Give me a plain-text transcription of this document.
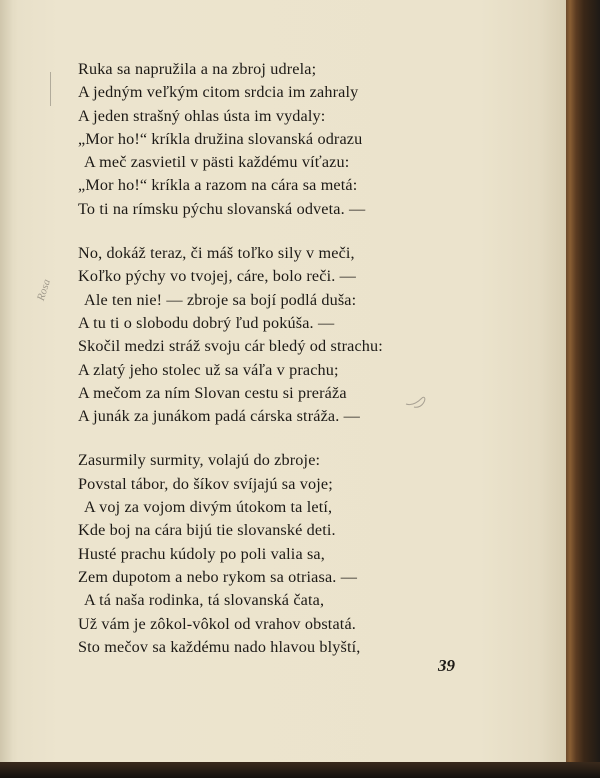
Rosa
Ruka sa napružila a na zbroj udrela;
A jedným veľkým citom srdcia im zahraly
A jeden strašný ohlas ústa im vydaly:
„Mor ho!“ kríkla družina slovanská odrazu
A meč zasvietil v pästi každému víťazu:
„Mor ho!“ kríkla a razom na cára sa metá:
To ti na rímsku pýchu slovanská odveta. —
No, dokáž teraz, či máš toľko sily v meči,
Koľko pýchy vo tvojej, cáre, bolo reči. —
Ale ten nie! — zbroje sa bojí podlá duša:
A tu ti o slobodu dobrý ľud pokúša. —
Skočil medzi stráž svoju cár bledý od strachu:
A zlatý jeho stolec už sa váľa v prachu;
A mečom za ním Slovan cestu si preráža
A junák za junákom padá cárska stráža. —
Zasurmily surmity, volajú do zbroje:
Povstal tábor, do šíkov svíjajú sa voje;
A voj za vojom divým útokom ta letí,
Kde boj na cára bijú tie slovanské deti.
Husté prachu kúdoly po poli valia sa,
Zem dupotom a nebo rykom sa otriasa. —
A tá naša rodinka, tá slovanská čata,
Už vám je zôkol-vôkol od vrahov obstatá.
Sto mečov sa každému nado hlavou blyští,
39
